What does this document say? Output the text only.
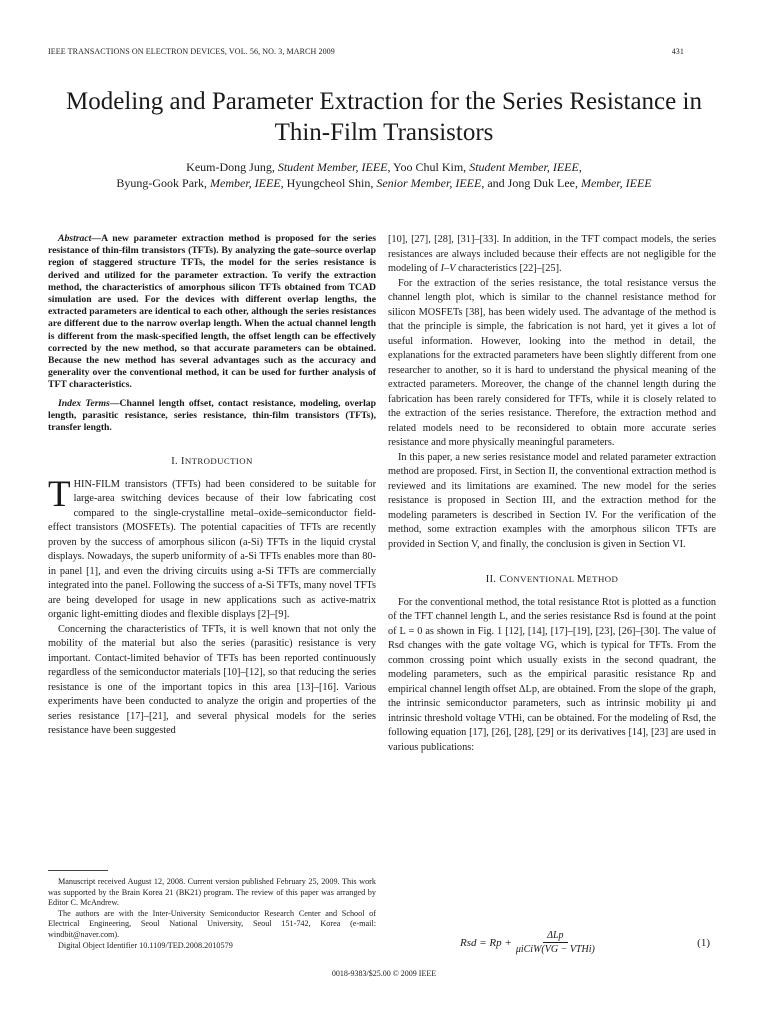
IEEE TRANSACTIONS ON ELECTRON DEVICES, VOL. 56, NO. 3, MARCH 2009	431
Modeling and Parameter Extraction for the Series Resistance in Thin-Film Transistors
Keum-Dong Jung, Student Member, IEEE, Yoo Chul Kim, Student Member, IEEE,
Byung-Gook Park, Member, IEEE, Hyungcheol Shin, Senior Member, IEEE, and Jong Duk Lee, Member, IEEE

Abstract—A new parameter extraction method is proposed for the series resistance of thin-film transistors (TFTs). By analyzing the gate–source overlap region of staggered structure TFTs, the model for the series resistance is derived and utilized for the parameter extraction. To verify the extraction method, the characteristics of amorphous silicon TFTs obtained from TCAD simulation are used. For the devices with different overlap lengths, the extracted parameters are identical to each other, although the series resistances are different due to the narrow overlap length. When the actual channel length is different from the mask-specified length, the offset length can be effectively corrected by the new method, so that accurate parameters can be obtained. Because the new method has several advantages such as the accuracy and generality over the conventional method, it can be used for further analysis of TFT characteristics.

Index Terms—Channel length offset, contact resistance, modeling, overlap length, parasitic resistance, series resistance, thin-film transistors (TFTs), transfer length.

I. INTRODUCTION

THIN-FILM transistors (TFTs) had been considered to be suitable for large-area switching devices because of their low fabricating cost compared to the single-crystalline metal–oxide–semiconductor field-effect transistors (MOSFETs). The potential capacities of TFTs are recently proven by the success of amorphous silicon (a-Si) TFTs in the liquid crystal displays. Nowadays, the superb uniformity of a-Si TFTs enables more than 80-in panel [1], and even the driving circuits using a-Si TFTs are commercially integrated into the panel. Following the success of a-Si TFTs, many novel TFTs are being developed for usage in new applications such as active-matrix organic light-emitting diodes and flexible displays [2]–[9].

Concerning the characteristics of TFTs, it is well known that not only the mobility of the material but also the series (parasitic) resistance is very important. Contact-limited behavior of TFTs has been reported continuously regardless of the semiconductor materials [10]–[12], so that reducing the series resistance is one of the important topics in this area [13]–[16]. Various experiments have been conducted to analyze the origin and properties of the series resistance [17]–[21], and several physical models for the series resistance have been suggested

Manuscript received August 12, 2008. Current version published February 25, 2009. This work was supported by the Brain Korea 21 (BK21) program. The review of this paper was arranged by Editor C. McAndrew.

The authors are with the Inter-University Semiconductor Research Center and School of Electrical Engineering, Seoul National University, Seoul 151-742, Korea (e-mail: windbit@naver.com).

Digital Object Identifier 10.1109/TED.2008.2010579

[10], [27], [28], [31]–[33]. In addition, in the TFT compact models, the series resistances are always included because their effects are not negligible for the modeling of I–V characteristics [22]–[25].

For the extraction of the series resistance, the total resistance versus the channel length plot, which is similar to the channel resistance method for silicon MOSFETs [38], has been widely used. The advantage of the method is that the principle is simple, the fabrication is not hard, yet it gives a lot of useful information. However, looking into the method in detail, the explanations for the extracted parameters have been slightly different from one researcher to another, so it is hard to understand the physical meaning of the extracted parameters. Moreover, the change of the channel length during the fabrication has been rarely considered for TFTs, while it is closely related to the extraction of the series resistance. Therefore, the extraction method and related models need to be reconsidered to obtain more accurate series resistance and more physically meaningful parameters.

In this paper, a new series resistance model and related parameter extraction method are proposed. First, in Section II, the conventional extraction method is reviewed and its limitations are examined. The new model for the series resistance is proposed in Section III, and the extraction method for the modeling parameters is described in Section IV. For the verification of the method, some extraction examples with the amorphous silicon TFTs are provided in Section V, and finally, the conclusion is given in Section VI.

II. CONVENTIONAL METHOD

For the conventional method, the total resistance Rtot is plotted as a function of the TFT channel length L, and the series resistance Rsd is found at the point of L = 0 as shown in Fig. 1 [12], [14], [17]–[19], [23], [26]–[30]. The value of Rsd changes with the gate voltage VG, which is typical for TFTs. From the common crossing point which usually exists in the second quadrant, the modeling parameters, such as the empirical parasitic resistance Rp and empirical channel length offset ΔLp, are obtained. From the slope of the graph, the intrinsic semiconductor parameters, such as intrinsic mobility μi and intrinsic threshold voltage VTHi, can be obtained. For the modeling of Rsd, the following equation [17], [26], [28], [29] or its derivatives [14], [23] are used in various publications:

Rsd = $Rp + \frac{\text{ΔLp}}{\text{μiCiW(VG − VTHi)}}$	(1)
0018-9383/$25.00 © 2009 IEEE
